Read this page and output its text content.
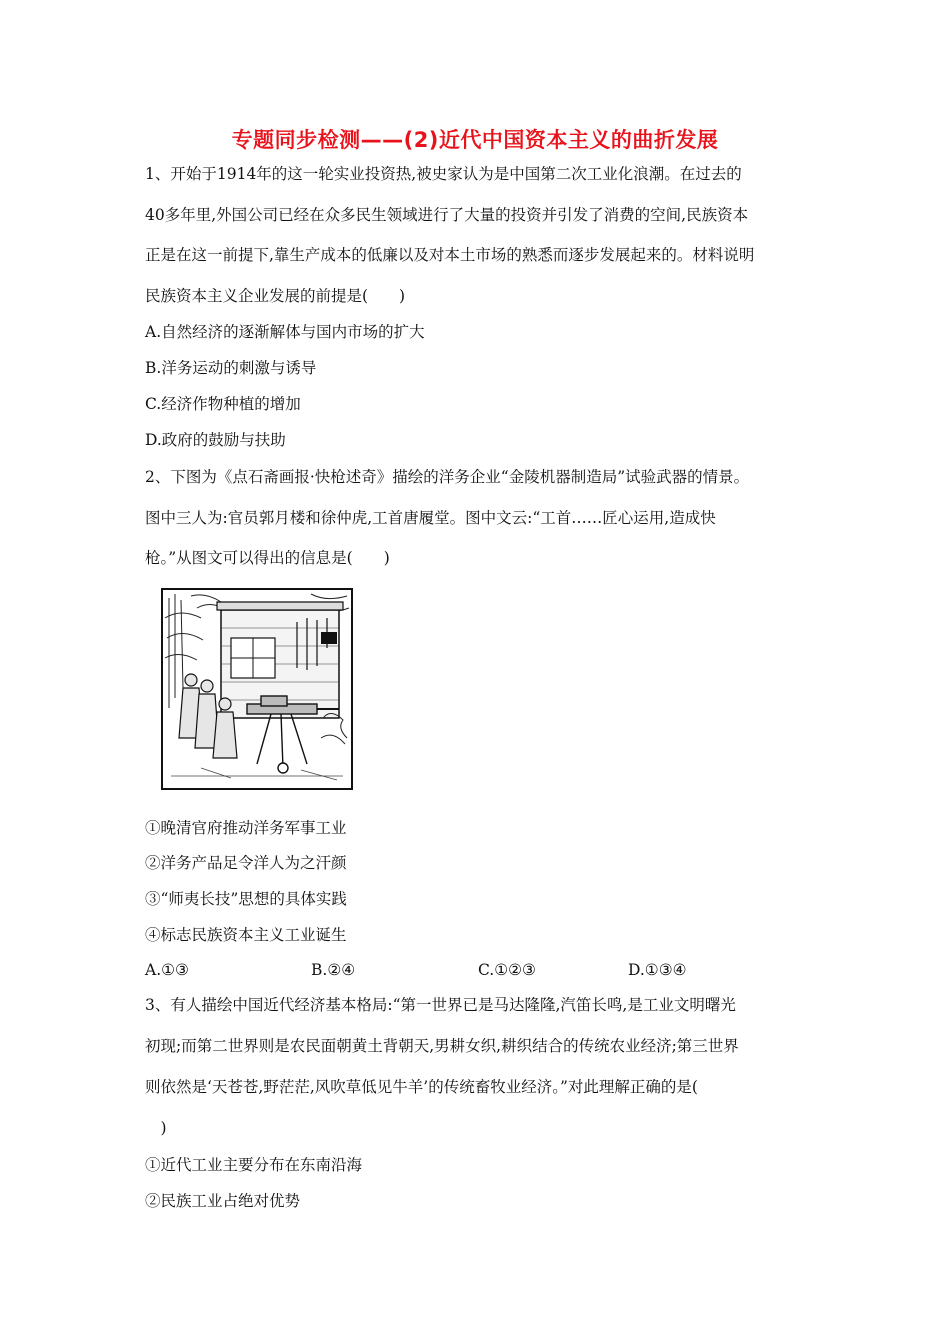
专题同步检测——(2)近代中国资本主义的曲折发展
1、开始于1914年的这一轮实业投资热,被史家认为是中国第二次工业化浪潮。在过去的
40多年里,外国公司已经在众多民生领域进行了大量的投资并引发了消费的空间,民族资本
正是在这一前提下,靠生产成本的低廉以及对本土市场的熟悉而逐步发展起来的。材料说明
民族资本主义企业发展的前提是(　　)
A.自然经济的逐渐解体与国内市场的扩大
B.洋务运动的刺激与诱导
C.经济作物种植的增加
D.政府的鼓励与扶助
2、下图为《点石斋画报·快枪述奇》描绘的洋务企业“金陵机器制造局”试验武器的情景。
图中三人为:官员郭月楼和徐仲虎,工首唐履堂。图中文云:“工首……匠心运用,造成快
枪。”从图文可以得出的信息是(　　)
①晚清官府推动洋务军事工业
②洋务产品足令洋人为之汗颜
③“师夷长技”思想的具体实践
④标志民族资本主义工业诞生
A.①③	B.②④	C.①②③	D.①③④
3、有人描绘中国近代经济基本格局:“第一世界已是马达隆隆,汽笛长鸣,是工业文明曙光
初现;而第二世界则是农民面朝黄土背朝天,男耕女织,耕织结合的传统农业经济;第三世界
则依然是‘天苍苍,野茫茫,风吹草低见牛羊’的传统畜牧业经济。”对此理解正确的是(
　)
①近代工业主要分布在东南沿海
②民族工业占绝对优势
